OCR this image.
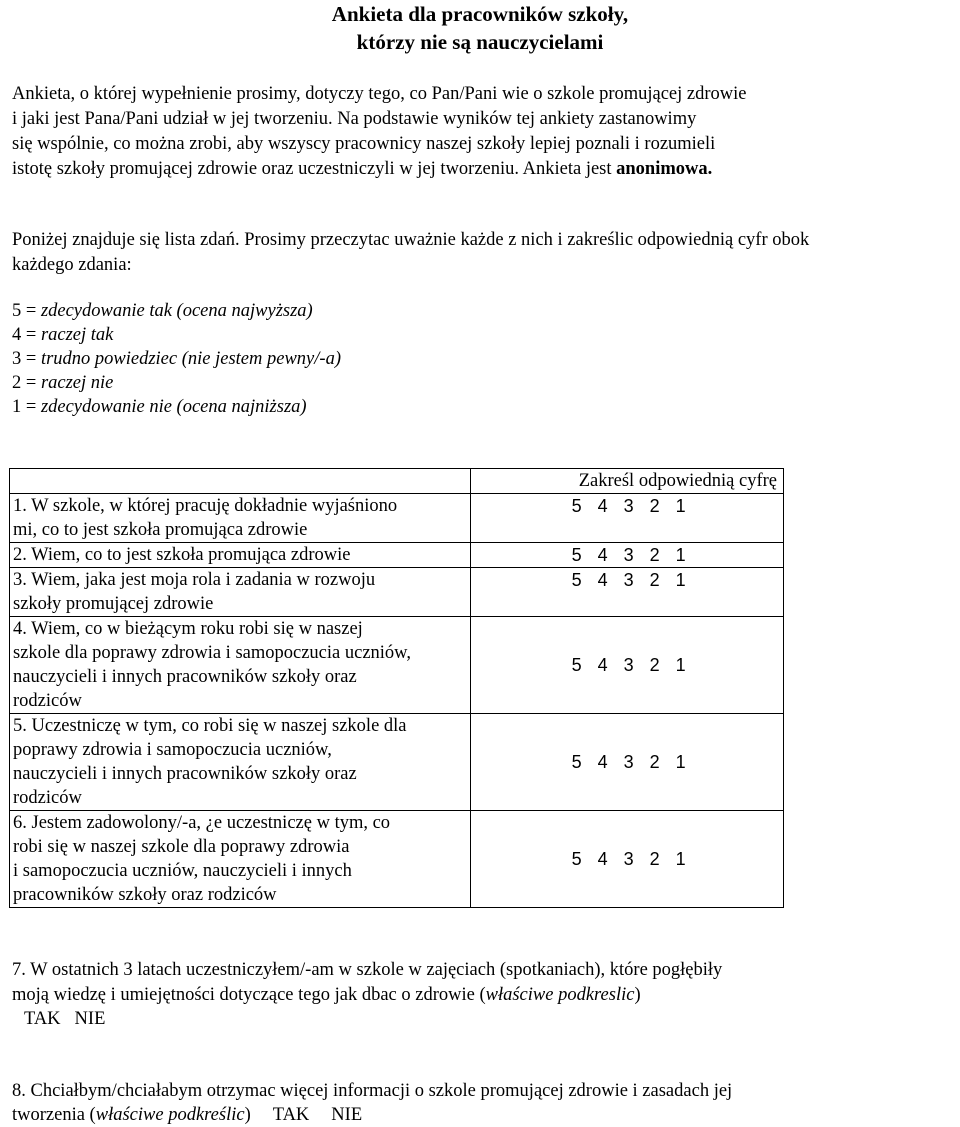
Ankieta dla pracowników szkoły,
którzy nie są nauczycielami
Ankieta, o której wypełnienie prosimy, dotyczy tego, co Pan/Pani wie o szkole promującej zdrowie
i jaki jest Pana/Pani udział w jej tworzeniu. Na podstawie wyników tej ankiety zastanowimy
się wspólnie, co można zrobi, aby wszyscy pracownicy naszej szkoły lepiej poznali i rozumieli
istotę szkoły promującej zdrowie oraz uczestniczyli w jej tworzeniu. Ankieta jest anonimowa.
Poniżej znajduje się lista zdań. Prosimy przeczytac uważnie każde z nich i zakreślic odpowiednią cyfr obok
każdego zdania:
5 = zdecydowanie tak (ocena najwyższa)
4 = raczej tak
3 = trudno powiedziec (nie jestem pewny/-a)
2 = raczej nie
1 = zdecydowanie nie (ocena najniższa)
	Zakreśl odpowiednią cyfrę

1. W szkole, w której pracuję dokładnie wyjaśniono
mi, co to jest szkoła promująca zdrowie	5 4 3 2 1

2. Wiem, co to jest szkoła promująca zdrowie	5 4 3 2 1

3. Wiem, jaka jest moja rola i zadania w rozwoju
szkoły promującej zdrowie	5 4 3 2 1

4. Wiem, co w bieżącym roku robi się w naszej
szkole dla poprawy zdrowia i samopoczucia uczniów,
nauczycieli i innych pracowników szkoły oraz
rodziców	5 4 3 2 1

5. Uczestniczę w tym, co robi się w naszej szkole dla
poprawy zdrowia i samopoczucia uczniów,
nauczycieli i innych pracowników szkoły oraz
rodziców	5 4 3 2 1

6. Jestem zadowolony/-a, ¿e uczestniczę w tym, co
robi się w naszej szkole dla poprawy zdrowia
i samopoczucia uczniów, nauczycieli i innych
pracowników szkoły oraz rodziców	5 4 3 2 1
7. W ostatnich 3 latach uczestniczyłem/-am w szkole w zajęciach (spotkaniach), które pogłębiły
moją wiedzę i umiejętności dotyczące tego jak dbac o zdrowie (właściwe podkreslic)
TAK NIE
8. Chciałbym/chciałabym otrzymac więcej informacji o szkole promującej zdrowie i zasadach jej
tworzenia (właściwe podkreślic) TAK NIE
